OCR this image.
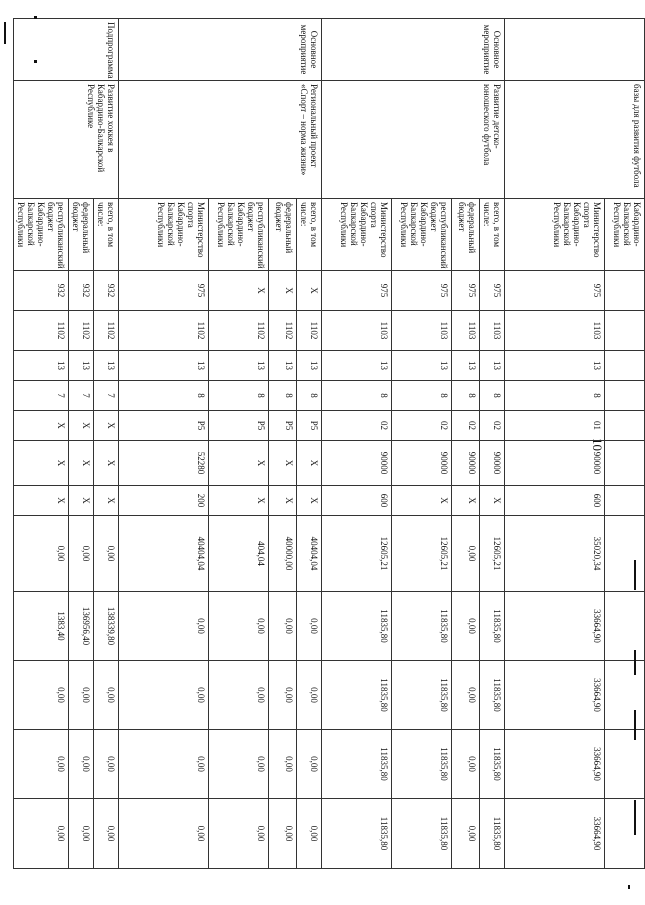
10
	базы для развития футбола	Кабардино-Балкарской Республики												
		Министерство спорта Кабардино-Балкарской Республики	975	1103	13	8	01	90000	600	35020,34	33664,90	33664,90	33664,90	33664,90
Основное мероприятие	Развитие детско-юношеского футбола	всего, в том числе:	975	1103	13	8	02	90000	X	12605,21	11835,80	11835,80	11835,80	11835,80
		федеральный бюджет	975	1103	13	8	02	90000	X	0,00	0,00	0,00	0,00	0,00
		республиканский бюджет Кабардино-Балкарской Республики	975	1103	13	8	02	90000	X	12605,21	11835,80	11835,80	11835,80	11835,80
		Министерство спорта Кабардино-Балкарской Республики	975	1103	13	8	02	90000	600	12605,21	11835,80	11835,80	11835,80	11835,80
Основное мероприятие	Региональный проект «Спорт – норма жизни»	всего, в том числе:	X	1102	13	8	P5	X	X	40404,04	0,00	0,00	0,00	0,00
		федеральный бюджет	X	1102	13	8	P5	X	X	40000,00	0,00	0,00	0,00	0,00
		республиканский бюджет Кабардино-Балкарской Республики	X	1102	13	8	P5	X	X	404,04	0,00	0,00	0,00	0,00
		Министерство спорта Кабардино-Балкарской Республики	975	1102	13	8	P5	52280	200	40404,04	0,00	0,00	0,00	0,00
Подпрограмма	Развитие хоккея в Кабардино-Балкарской Республике	всего, в том числе:	932	1102	13	7	X	X	X	0,00	138339,80	0,00	0,00	0,00
		федеральный бюджет	932	1102	13	7	X	X	X	0,00	136956,40	0,00	0,00	0,00
		республиканский бюджет Кабардино-Балкарской Республики	932	1102	13	7	X	X	X	0,00	1383,40	0,00	0,00	0,00
